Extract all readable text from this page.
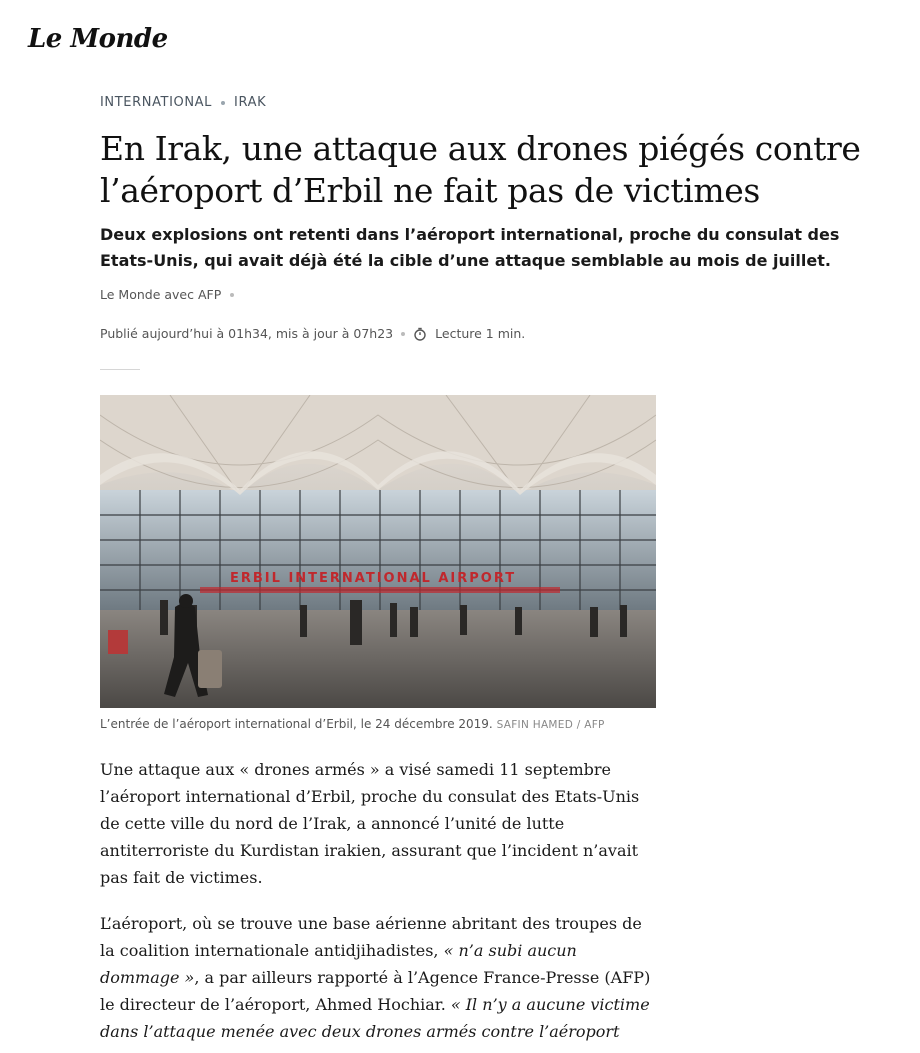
Le Monde
INTERNATIONAL IRAK
En Irak, une attaque aux drones piégés contre l’aéroport d’Erbil ne fait pas de victimes

Deux explosions ont retenti dans l’aéroport international, proche du consulat des Etats-Unis, qui avait déjà été la cible d’une attaque semblable au mois de juillet.

Le Monde avec AFP
Publié aujourd’hui à 01h34, mis à jour à 07h23	Lecture 1 min.
ERBIL INTERNATIONAL AIRPORT
L’entrée de l’aéroport international d’Erbil, le 24 décembre 2019. SAFIN HAMED / AFP

Une attaque aux « drones armés » a visé samedi 11 septembre l’aéroport international d’Erbil, proche du consulat des Etats-Unis de cette ville du nord de l’Irak, a annoncé l’unité de lutte antiterroriste du Kurdistan irakien, assurant que l’incident n’avait pas fait de victimes.

L’aéroport, où se trouve une base aérienne abritant des troupes de la coalition internationale antidjihadistes, « n’a subi aucun dommage », a par ailleurs rapporté à l’Agence France-Presse (AFP) le directeur de l’aéroport, Ahmed Hochiar. « Il n’y a aucune victime dans l’attaque menée avec deux drones armés contre l’aéroport
